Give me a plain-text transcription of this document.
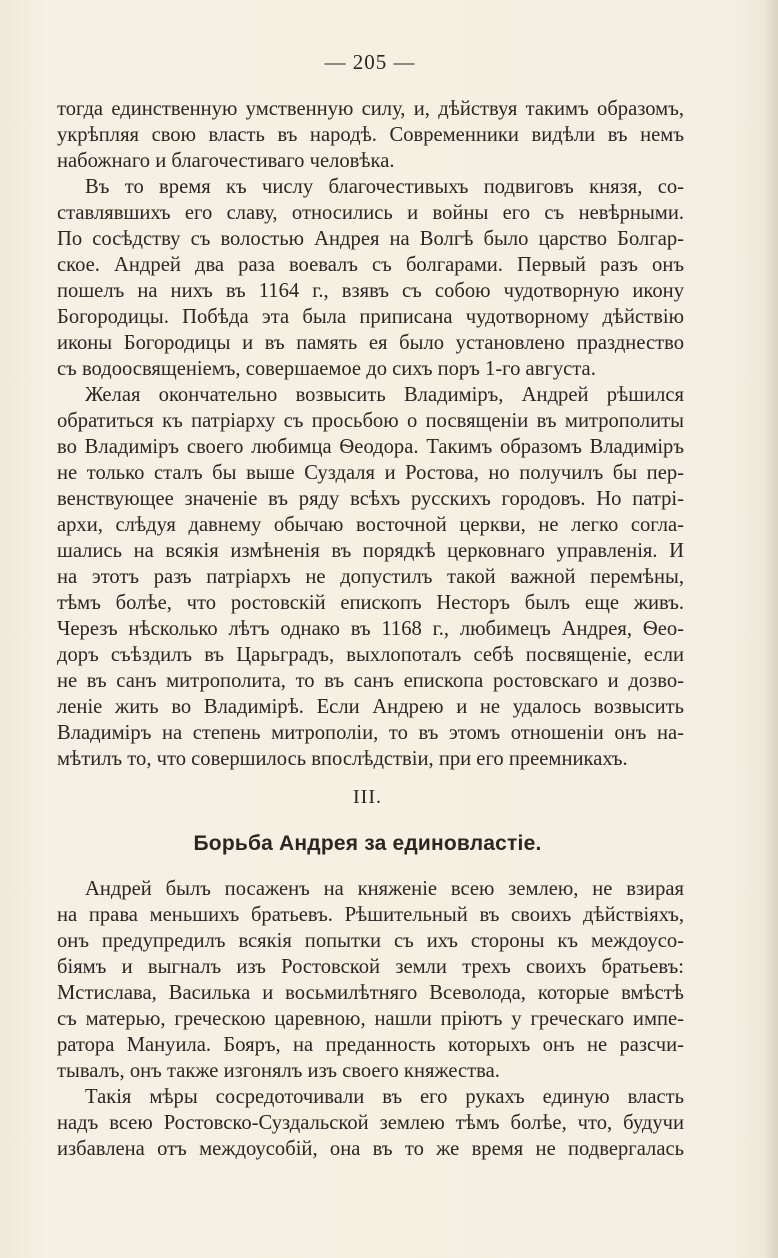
— 205 —
тогда единственную умственную силу, и, дѣйствуя такимъ образомъ,
укрѣпляя свою власть въ народѣ. Современники видѣли въ немъ
набожнаго и благочестиваго человѣка.
Въ то время къ числу благочестивыхъ подвиговъ князя, со-
ставлявшихъ его славу, относились и войны его съ невѣрными.
По сосѣдству съ волостью Андрея на Волгѣ было царство Болгар-
ское. Андрей два раза воевалъ съ болгарами. Первый разъ онъ
пошелъ на нихъ въ 1164 г., взявъ съ собою чудотворную икону
Богородицы. Побѣда эта была приписана чудотворному дѣйствію
иконы Богородицы и въ память ея было установлено празднество
съ водоосвященіемъ, совершаемое до сихъ поръ 1-го августа.
Желая окончательно возвысить Владиміръ, Андрей рѣшился
обратиться къ патріарху съ просьбою о посвященіи въ митрополиты
во Владиміръ своего любимца Ѳеодора. Такимъ образомъ Владиміръ
не только сталъ бы выше Суздаля и Ростова, но получилъ бы пер-
венствующее значеніе въ ряду всѣхъ русскихъ городовъ. Но патрі-
архи, слѣдуя давнему обычаю восточной церкви, не легко согла-
шались на всякія измѣненія въ порядкѣ церковнаго управленія. И
на этотъ разъ патріархъ не допустилъ такой важной перемѣны,
тѣмъ болѣе, что ростовскій епископъ Несторъ былъ еще живъ.
Черезъ нѣсколько лѣтъ однако въ 1168 г., любимецъ Андрея, Ѳео-
доръ съѣздилъ въ Царьградъ, выхлопоталъ себѣ посвященіе, если
не въ санъ митрополита, то въ санъ епископа ростовскаго и дозво-
леніе жить во Владимірѣ. Если Андрею и не удалось возвысить
Владиміръ на степень митрополіи, то въ этомъ отношеніи онъ на-
мѣтилъ то, что совершилось впослѣдствіи, при его преемникахъ.
III.
Борьба Андрея за единовластіе.
Андрей былъ посаженъ на княженіе всею землею, не взирая
на права меньшихъ братьевъ. Рѣшительный въ своихъ дѣйствіяхъ,
онъ предупредилъ всякія попытки съ ихъ стороны къ междоусо-
біямъ и выгналъ изъ Ростовской земли трехъ своихъ братьевъ:
Мстислава, Василька и восьмилѣтняго Всеволода, которые вмѣстѣ
съ матерью, греческою царевною, нашли пріютъ у греческаго импе-
ратора Мануила. Бояръ, на преданность которыхъ онъ не разсчи-
тывалъ, онъ также изгонялъ изъ своего княжества.
Такія мѣры сосредоточивали въ его рукахъ единую власть
надъ всею Ростовско-Суздальской землею тѣмъ болѣе, что, будучи
избавлена отъ междоусобій, она въ то же время не подвергалась
